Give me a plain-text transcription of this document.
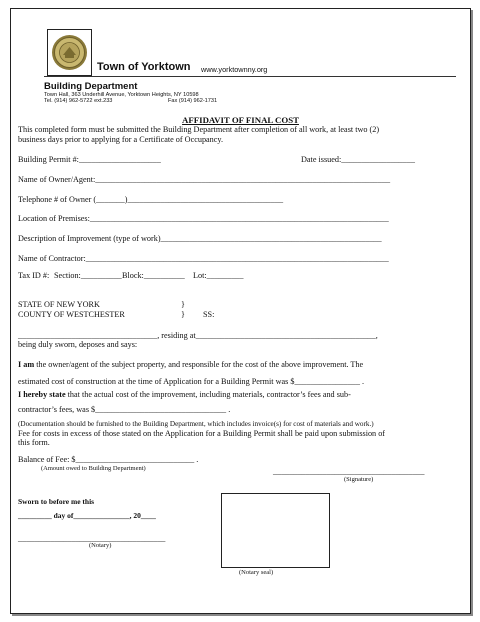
Town of Yorktown www.yorktownny.org
Building Department
Town Hall, 363 Underhill Avenue, Yorktown Heights, NY 10598
Tel. (914) 962-5722 ext.233	Fax (914) 962-1731
AFFIDAVIT OF FINAL COST
This completed form must be submitted the Building Department after completion of all work, at least two (2)
business days prior to applying for a Certificate of Occupancy.
Building Permit #:____________________	Date issued:__________________
Name of Owner/Agent:________________________________________________________________________
Telephone # of Owner (_______)______________________________________
Location of Premises:_________________________________________________________________________
Description of Improvement (type of work)______________________________________________________
Name of Contractor:__________________________________________________________________________
Tax ID #: Section:__________ Block:__________ Lot:_________
STATE OF NEW YORK	}
COUNTY OF WESTCHESTER	} SS:
__________________________________, residing at____________________________________________,
being duly sworn, deposes and says:
I am the owner/agent of the subject property, and responsible for the cost of the above improvement. The
estimated cost of construction at the time of Application for a Building Permit was $________________ .
I hereby state that the actual cost of the improvement, including materials, contractor’s fees and sub-
contractor’s fees, was $________________________________ .
(Documentation should be furnished to the Building Department, which includes invoice(s) for cost of materials and work.)
Fee for costs in excess of those stated on the Application for a Building Permit shall be paid upon submission of
this form.
Balance of Fee: $_____________________________ .
(Amount owed to Building Department)	_____________________________________
(Signature)
Sworn to before me this
_________ day of_______________, 20____
____________________________________
(Notary)
(Notary seal)
